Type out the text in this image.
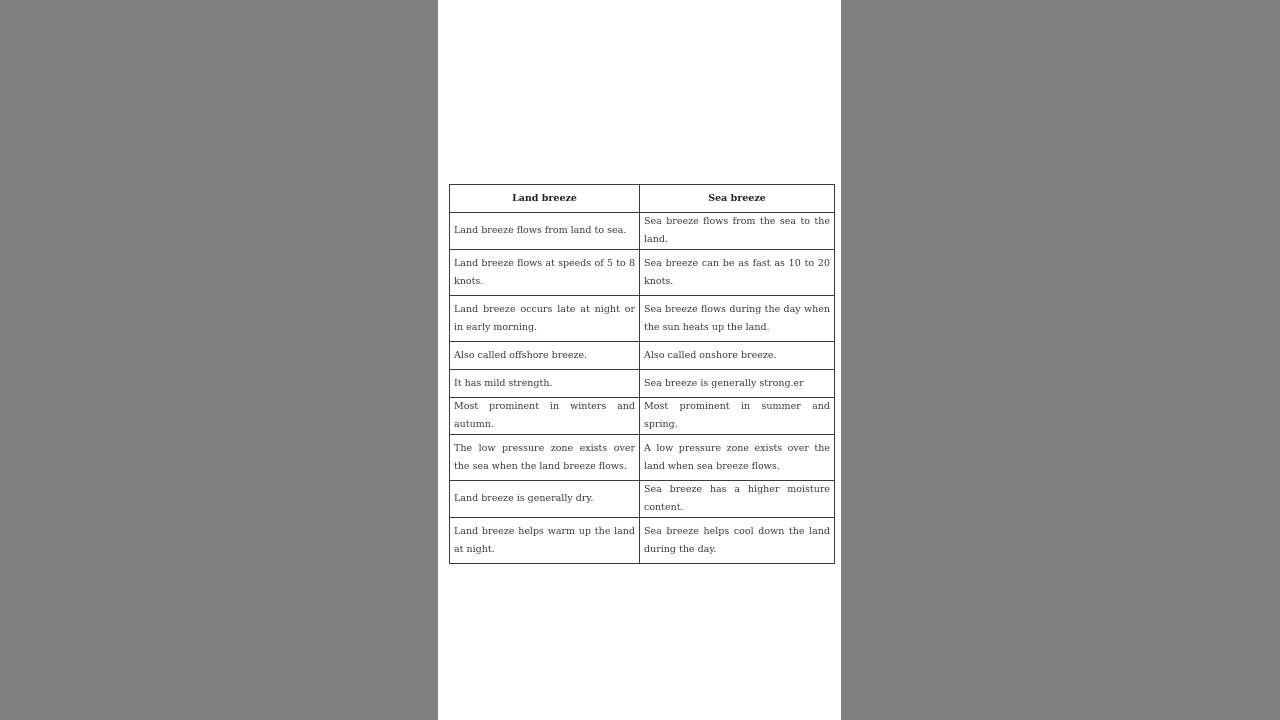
Land breeze	Sea breeze
Land breeze flows from land to sea.	Sea breeze flows from the sea to the land.
Land breeze flows at speeds of 5 to 8 knots.	Sea breeze can be as fast as 10 to 20 knots.
Land breeze occurs late at night or in early morning.	Sea breeze flows during the day when the sun heats up the land.
Also called offshore breeze.	Also called onshore breeze.
It has mild strength.	Sea breeze is generally strong.er
Most prominent in winters and autumn.	Most prominent in summer and spring.
The low pressure zone exists over the sea when the land breeze flows.	A low pressure zone exists over the land when sea breeze flows.
Land breeze is generally dry.	Sea breeze has a higher moisture content.
Land breeze helps warm up the land at night.	Sea breeze helps cool down the land during the day.
